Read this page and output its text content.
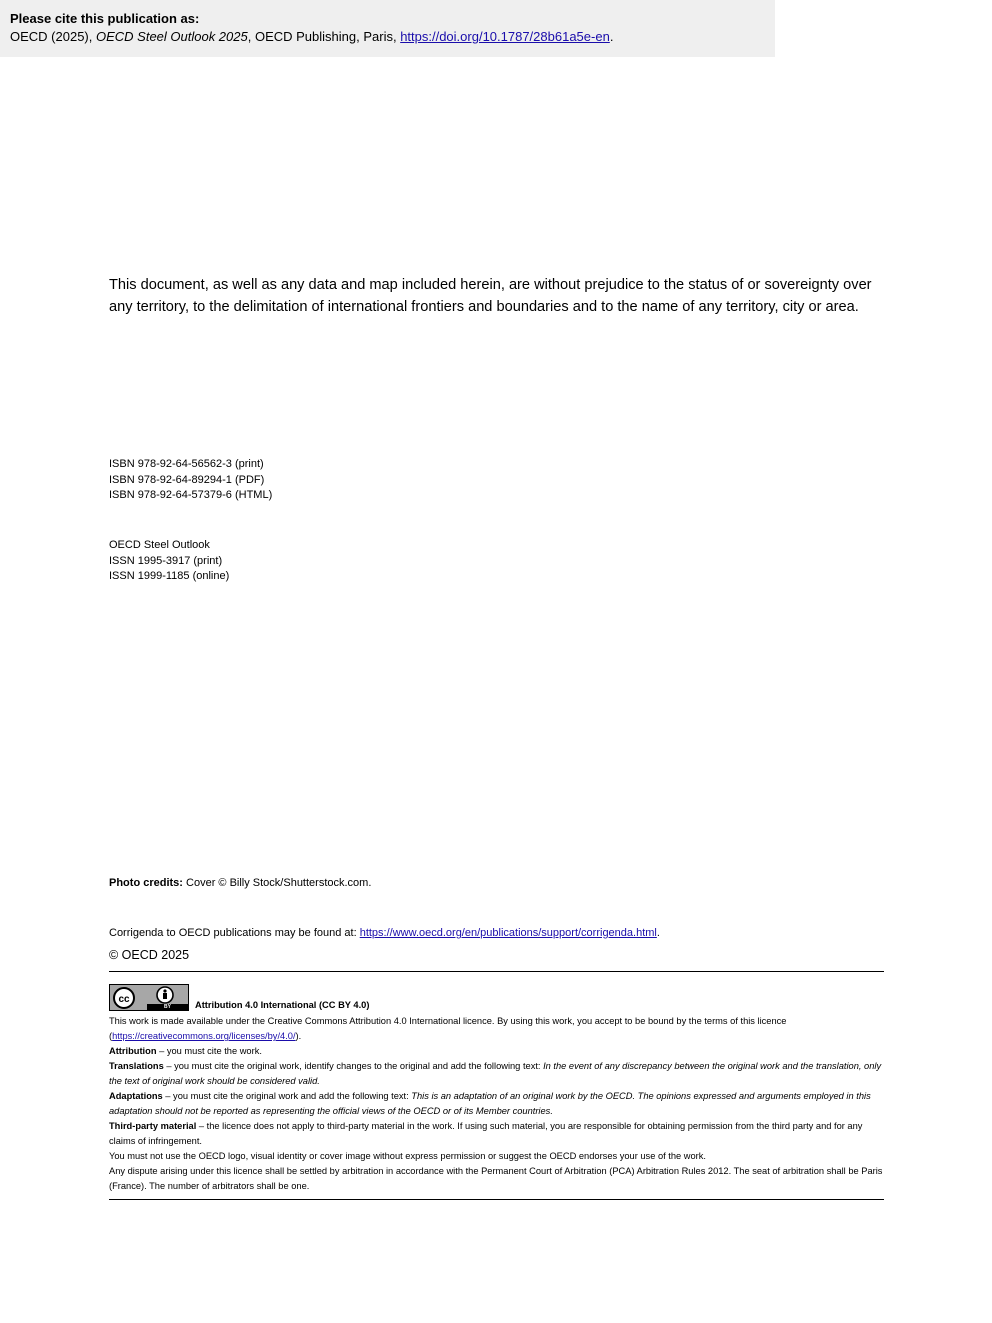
This document, as well as any data and map included herein, are without prejudice to the status of or sovereignty over any territory, to the delimitation of international frontiers and boundaries and to the name of any territory, city or area.
Please cite this publication as:
OECD (2025), OECD Steel Outlook 2025, OECD Publishing, Paris, https://doi.org/10.1787/28b61a5e-en.
ISBN 978-92-64-56562-3 (print)
ISBN 978-92-64-89294-1 (PDF)
ISBN 978-92-64-57379-6 (HTML)
OECD Steel Outlook
ISSN 1995-3917 (print)
ISSN 1999-1185 (online)
Photo credits: Cover © Billy Stock/Shutterstock.com.
Corrigenda to OECD publications may be found at: https://www.oecd.org/en/publications/support/corrigenda.html.
© OECD 2025
cc
BY	Attribution 4.0 International (CC BY 4.0)

This work is made available under the Creative Commons Attribution 4.0 International licence. By using this work, you accept to be bound by the terms of this licence (https://creativecommons.org/licenses/by/4.0/).

Attribution – you must cite the work.

Translations – you must cite the original work, identify changes to the original and add the following text: In the event of any discrepancy between the original work and the translation, only the text of original work should be considered valid.

Adaptations – you must cite the original work and add the following text: This is an adaptation of an original work by the OECD. The opinions expressed and arguments employed in this adaptation should not be reported as representing the official views of the OECD or of its Member countries.

Third-party material – the licence does not apply to third-party material in the work. If using such material, you are responsible for obtaining permission from the third party and for any claims of infringement.

You must not use the OECD logo, visual identity or cover image without express permission or suggest the OECD endorses your use of the work.

Any dispute arising under this licence shall be settled by arbitration in accordance with the Permanent Court of Arbitration (PCA) Arbitration Rules 2012. The seat of arbitration shall be Paris (France). The number of arbitrators shall be one.
